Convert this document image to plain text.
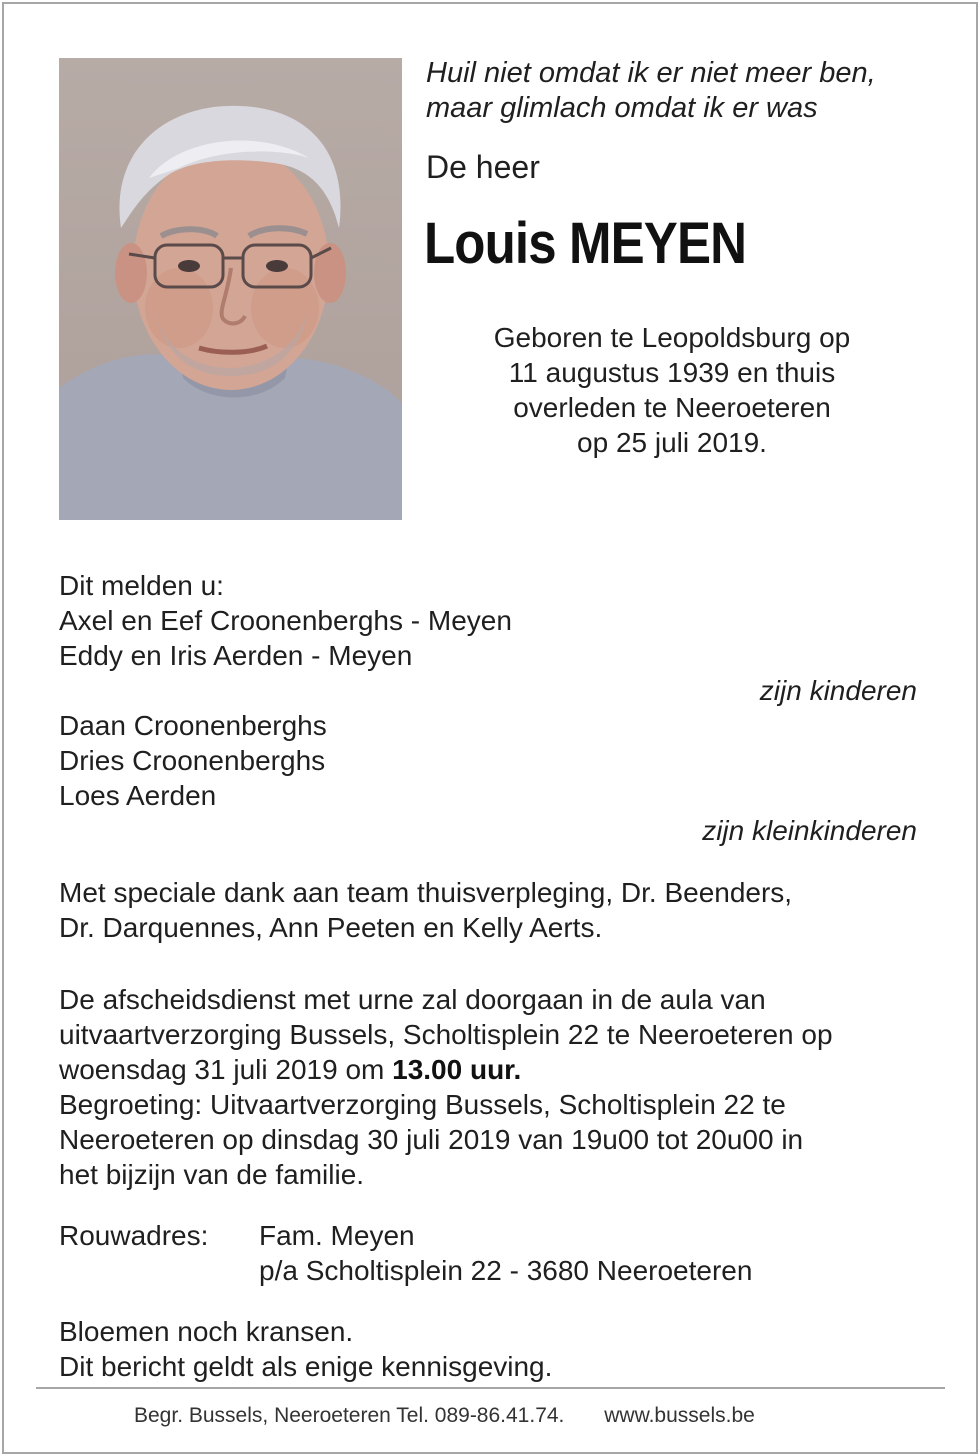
Huil niet omdat ik er niet meer ben,
maar glimlach omdat ik er was
De heer
Louis MEYEN
Geboren te Leopoldsburg op
11 augustus 1939 en thuis
overleden te Neeroeteren
op 25 juli 2019.
Dit melden u:
Axel en Eef Croonenberghs - Meyen
Eddy en Iris Aerden - Meyen
zijn kinderen
Daan Croonenberghs
Dries Croonenberghs
Loes Aerden
zijn kleinkinderen
Met speciale dank aan team thuisverpleging, Dr. Beenders,
Dr. Darquennes, Ann Peeten en Kelly Aerts.
De afscheidsdienst met urne zal doorgaan in de aula van
uitvaartverzorging Bussels, Scholtisplein 22 te Neeroeteren op
woensdag 31 juli 2019 om 13.00 uur.
Begroeting: Uitvaartverzorging Bussels, Scholtisplein 22 te
Neeroeteren op dinsdag 30 juli 2019 van 19u00 tot 20u00 in
het bijzijn van de familie.
Rouwadres: Fam. Meyen
p/a Scholtisplein 22 - 3680 Neeroeteren
Bloemen noch kransen.
Dit bericht geldt als enige kennisgeving.
Begr. Bussels, Neeroeteren Tel. 089-86.41.74. www.bussels.be
